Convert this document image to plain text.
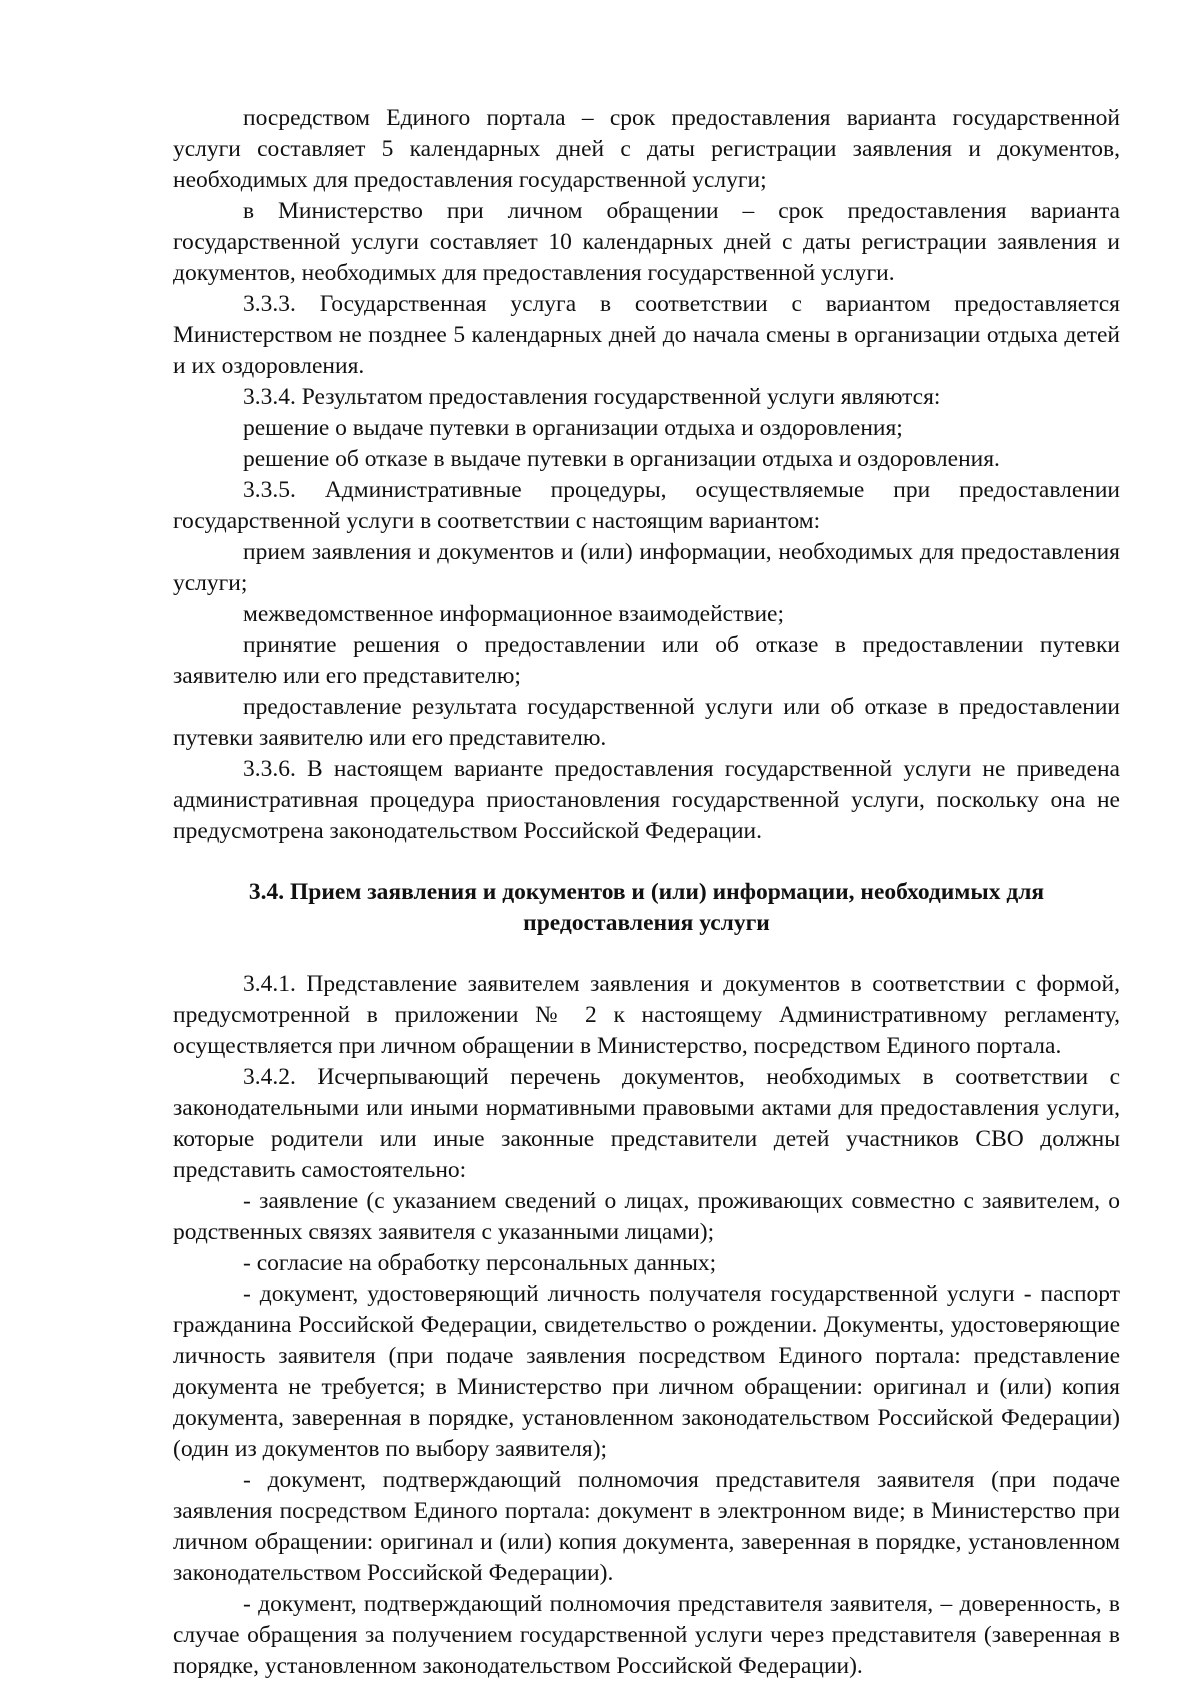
посредством Единого портала – срок предоставления варианта государственной услуги составляет 5 календарных дней с даты регистрации заявления и документов, необходимых для предоставления государственной услуги;

в Министерство при личном обращении – срок предоставления варианта государственной услуги составляет 10 календарных дней с даты регистрации заявления и документов, необходимых для предоставления государственной услуги.

3.3.3. Государственная услуга в соответствии с вариантом предоставляется Министерством не позднее 5 календарных дней до начала смены в организации отдыха детей и их оздоровления.

3.3.4. Результатом предоставления государственной услуги являются:

решение о выдаче путевки в организации отдыха и оздоровления;

решение об отказе в выдаче путевки в организации отдыха и оздоровления.

3.3.5. Административные процедуры, осуществляемые при предоставлении государственной услуги в соответствии с настоящим вариантом:

прием заявления и документов и (или) информации, необходимых для предоставления услуги;

межведомственное информационное взаимодействие;

принятие решения о предоставлении или об отказе в предоставлении путевки заявителю или его представителю;

предоставление результата государственной услуги или об отказе в предоставлении путевки заявителю или его представителю.

3.3.6. В настоящем варианте предоставления государственной услуги не приведена административная процедура приостановления государственной услуги, поскольку она не предусмотрена законодательством Российской Федерации.

3.4. Прием заявления и документов и (или) информации, необходимых для предоставления услуги

3.4.1. Представление заявителем заявления и документов в соответствии с формой, предусмотренной в приложении № 2 к настоящему Административному регламенту, осуществляется при личном обращении в Министерство, посредством Единого портала.

3.4.2. Исчерпывающий перечень документов, необходимых в соответствии с законодательными или иными нормативными правовыми актами для предоставления услуги, которые родители или иные законные представители детей участников СВО должны представить самостоятельно:

- заявление (с указанием сведений о лицах, проживающих совместно с заявителем, о родственных связях заявителя с указанными лицами);

- согласие на обработку персональных данных;

- документ, удостоверяющий личность получателя государственной услуги - паспорт гражданина Российской Федерации, свидетельство о рождении. Документы, удостоверяющие личность заявителя (при подаче заявления посредством Единого портала: представление документа не требуется; в Министерство при личном обращении: оригинал и (или) копия документа, заверенная в порядке, установленном законодательством Российской Федерации) (один из документов по выбору заявителя);

- документ, подтверждающий полномочия представителя заявителя (при подаче заявления посредством Единого портала: документ в электронном виде; в Министерство при личном обращении: оригинал и (или) копия документа, заверенная в порядке, установленном законодательством Российской Федерации).

- документ, подтверждающий полномочия представителя заявителя, – доверенность, в случае обращения за получением государственной услуги через представителя (заверенная в порядке, установленном законодательством Российской Федерации).
